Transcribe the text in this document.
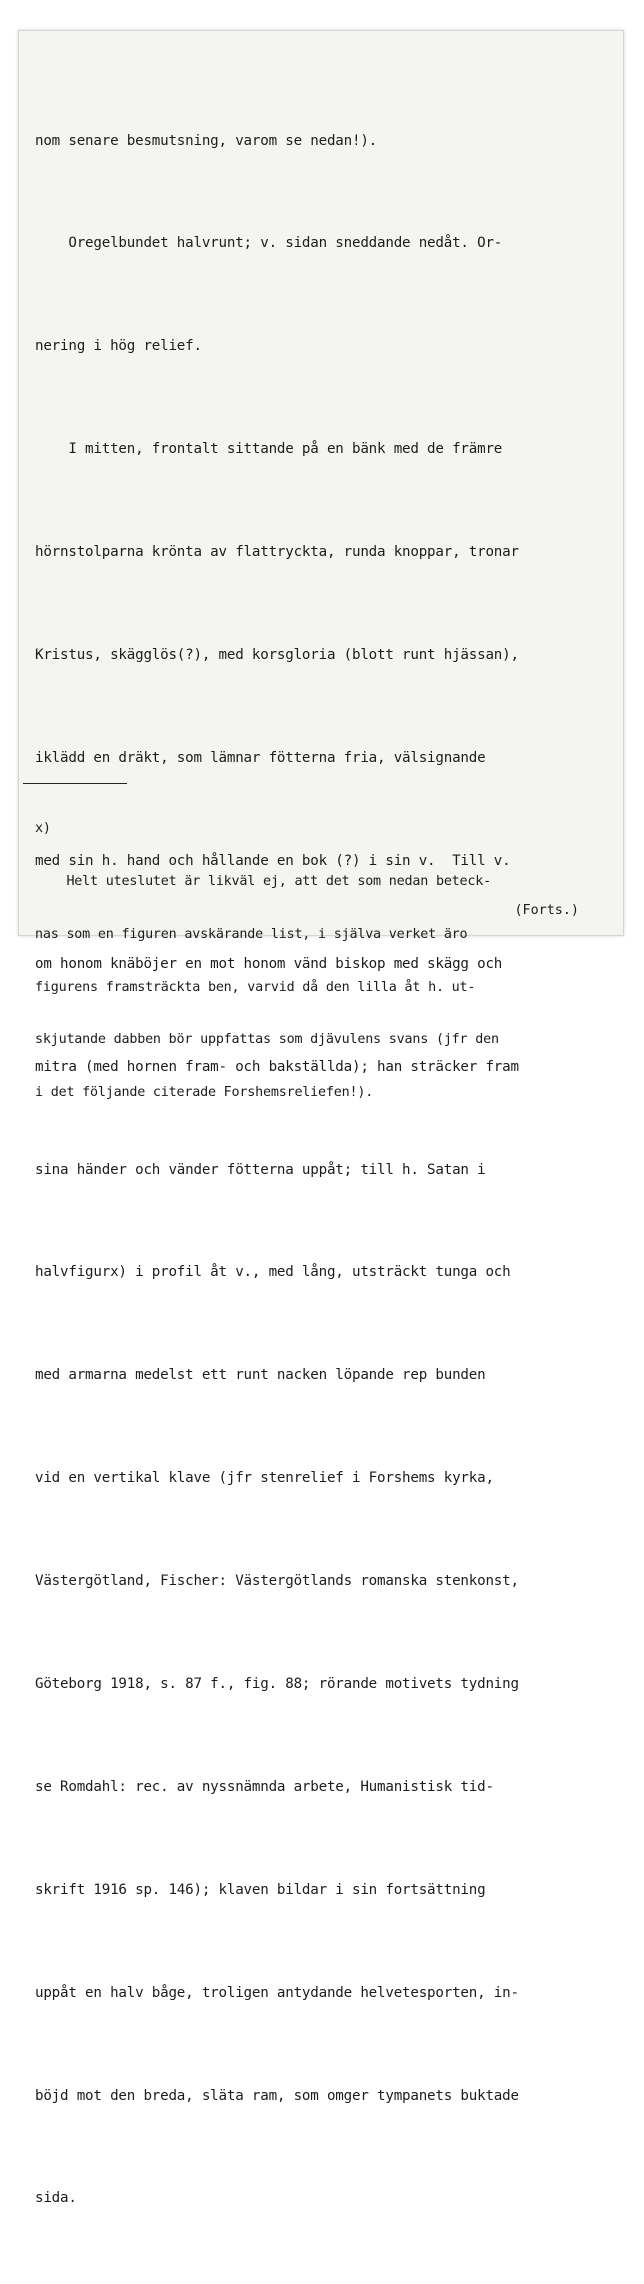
nom senare besmutsning, varom se nedan!).

Oregelbundet halvrunt; v. sidan sneddande nedåt. Or-

nering i hög relief.

I mitten, frontalt sittande på en bänk med de främre

hörnstolparna krönta av flattryckta, runda knoppar, tronar

Kristus, skägglös(?), med korsgloria (blott runt hjässan),

iklädd en dräkt, som lämnar fötterna fria, välsignande

med sin h. hand och hållande en bok (?) i sin v.  Till v.

om honom knäböjer en mot honom vänd biskop med skägg och

mitra (med hornen fram- och bakställda); han sträcker fram

sina händer och vänder fötterna uppåt; till h. Satan i

halvfigurx) i profil åt v., med lång, utsträckt tunga och

med armarna medelst ett runt nacken löpande rep bunden

vid en vertikal klave (jfr stenrelief i Forshems kyrka,

Västergötland, Fischer: Västergötlands romanska stenkonst,

Göteborg 1918, s. 87 f., fig. 88; rörande motivets tydning

se Romdahl: rec. av nyssnämnda arbete, Humanistisk tid-

skrift 1916 sp. 146); klaven bildar i sin fortsättning

uppåt en halv båge, troligen antydande helvetesporten, in-

böjd mot den breda, släta ram, som omger tympanets buktade

sida.

x)

Helt uteslutet är likväl ej, att det som nedan beteck-

nas som en figuren avskärande list, i själva verket äro

figurens framsträckta ben, varvid då den lilla åt h. ut-

skjutande dabben bör uppfattas som djävulens svans (jfr den

i det följande citerade Forshemsreliefen!).

(Forts.)
